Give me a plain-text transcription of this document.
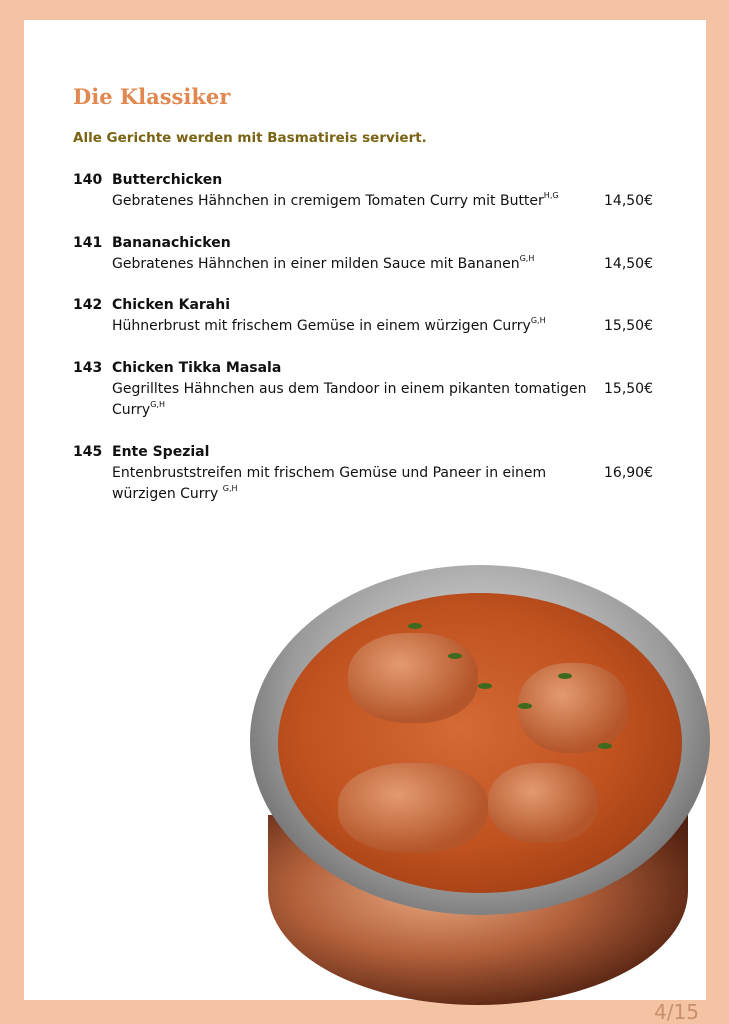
Die Klassiker
Alle Gerichte werden mit Basmatireis serviert.
140 Butterchicken
Gebratenes Hähnchen in cremigem Tomaten Curry mit Butter$^{H,G}$	14,50€
141 Bananachicken
Gebratenes Hähnchen in einer milden Sauce mit Bananen$^{G,H}$	14,50€
142 Chicken Karahi
Hühnerbrust mit frischem Gemüse in einem würzigen Curry$^{G,H}$	15,50€
143 Chicken Tikka Masala
Gegrilltes Hähnchen aus dem Tandoor in einem pikanten tomatigen Curry$^{G,H}$
15,50€
145 Ente Spezial
Entenbruststreifen mit frischem Gemüse und Paneer in einem würzigen Curry $^{G,H}$
16,90€
4/15
